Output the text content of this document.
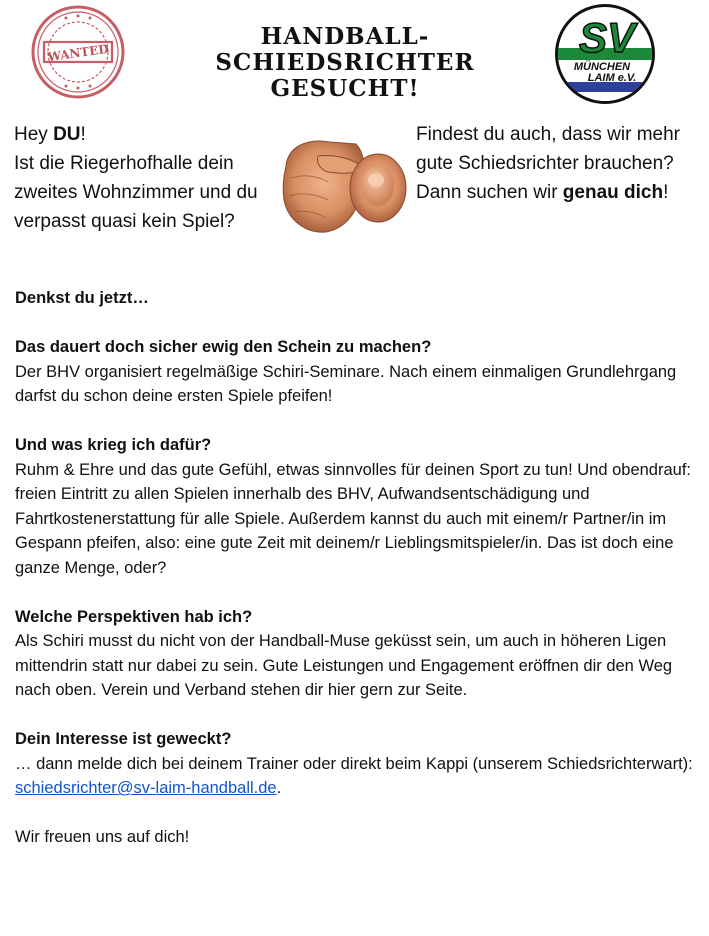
WANTED
HANDBALL-
SCHIEDSRICHTER
GESUCHT!
SV
MÜNCHEN
LAIM e.V.
Hey DU!
Ist die Riegerhofhalle dein zweites Wohnzimmer und du verpasst quasi kein Spiel?
Findest du auch, dass wir mehr gute Schiedsrichter brauchen? Dann suchen wir genau dich!

Denkst du jetzt…

Das dauert doch sicher ewig den Schein zu machen?

Der BHV organisiert regelmäßige Schiri-Seminare. Nach einem einmaligen Grundlehrgang darfst du schon deine ersten Spiele pfeifen!

Und was krieg ich dafür?

Ruhm & Ehre und das gute Gefühl, etwas sinnvolles für deinen Sport zu tun! Und obendrauf: freien Eintritt zu allen Spielen innerhalb des BHV, Aufwandsentschädigung und Fahrtkostenerstattung für alle Spiele. Außerdem kannst du auch mit einem/r Partner/in im Gespann pfeifen, also: eine gute Zeit mit deinem/r Lieblingsmitspieler/in. Das ist doch eine ganze Menge, oder?

Welche Perspektiven hab ich?

Als Schiri musst du nicht von der Handball-Muse geküsst sein, um auch in höheren Ligen mittendrin statt nur dabei zu sein. Gute Leistungen und Engagement eröffnen dir den Weg nach oben. Verein und Verband stehen dir hier gern zur Seite.

Dein Interesse ist geweckt?

… dann melde dich bei deinem Trainer oder direkt beim Kappi (unserem Schiedsrichterwart): schiedsrichter@sv-laim-handball.de.

Wir freuen uns auf dich!
